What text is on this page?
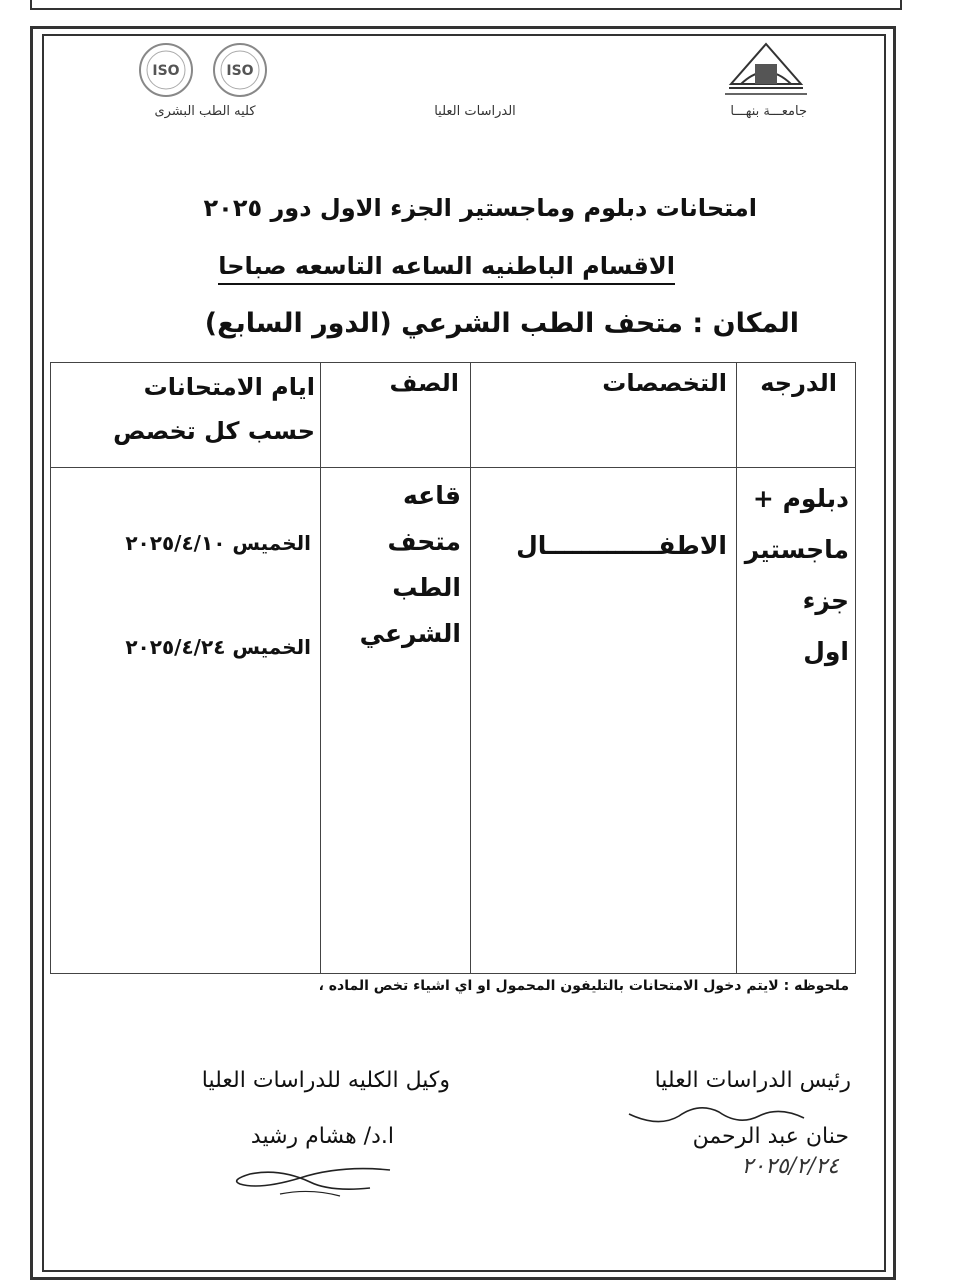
جامعـــة بنهـــا
الدراسات العليا
ISO	ISO
كليه الطب البشرى
امتحانات دبلوم وماجستير الجزء الاول دور ٢٠٢٥
الاقسام الباطنيه الساعه التاسعه صباحا
المكان : متحف الطب الشرعي (الدور السابع)
الدرجه
التخصصات
الصف
ايام الامتحانات
حسب كل تخصص
دبلوم +
ماجستير
جزء
اول
الاطفـــــــــــــال
قاعه
متحف
الطب
الشرعي
الخميس ٢٠٢٥/٤/١٠
الخميس ٢٠٢٥/٤/٢٤
ملحوظه : لايتم دخول الامتحانات بالتليفون المحمول او اي اشياء تخص الماده ،
وكيل الكليه للدراسات العليا
ا.د/ هشام رشيد
رئيس الدراسات العليا
حنان عبد الرحمن
٢٠٢٥/٢/٢٤
